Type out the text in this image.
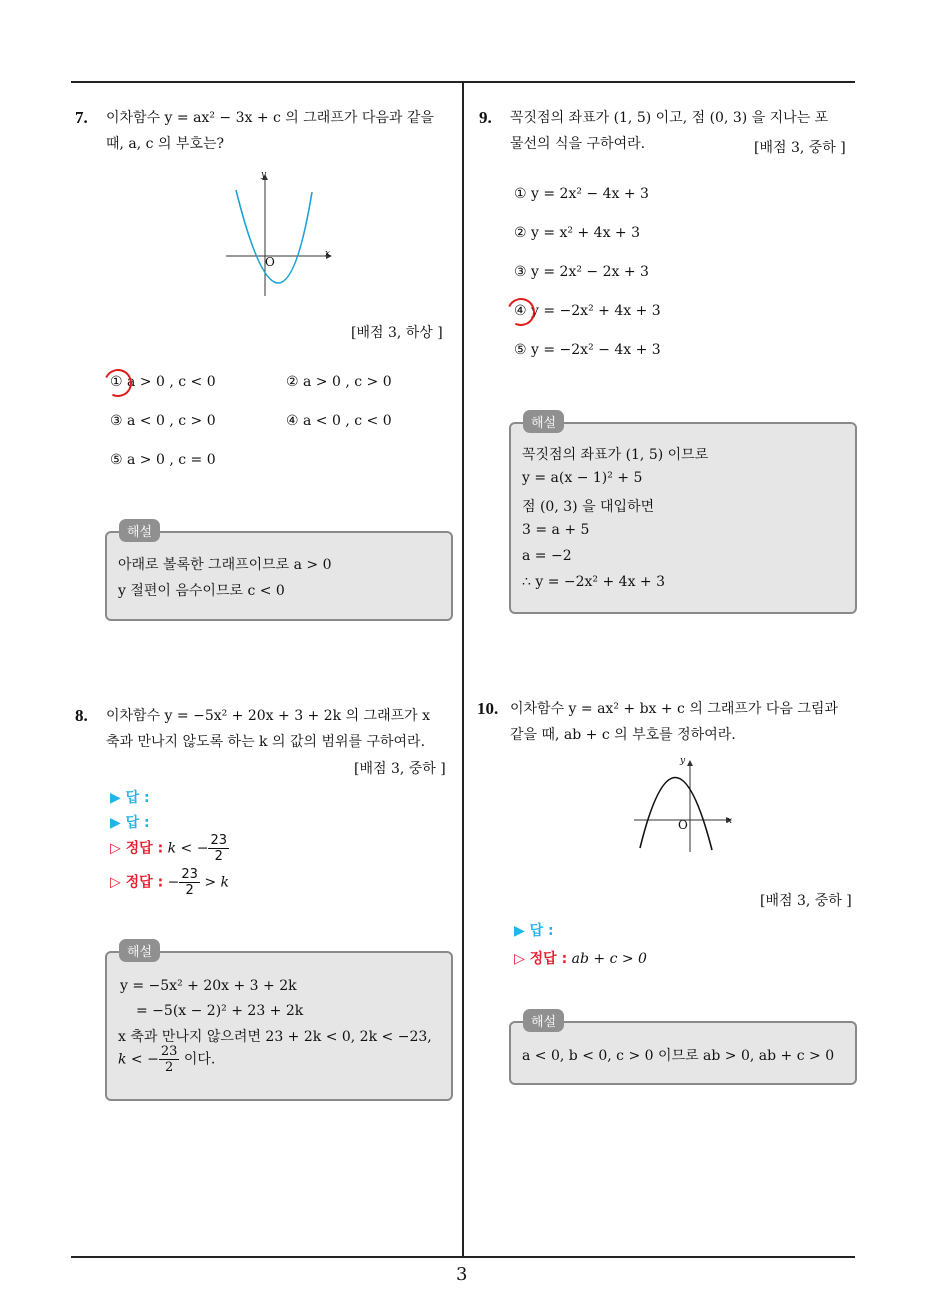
3
7. 이차함수 y = ax² − 3x + c 의 그래프가 다음과 같을
때, a, c 의 부호는?
y
x
O
[배점 3, 하상 ]
① a > 0 , c < 0	② a > 0 , c > 0
③ a < 0 , c > 0	④ a < 0 , c < 0
⑤ a > 0 , c = 0
해설
아래로 볼록한 그래프이므로 a > 0
y 절편이 음수이므로 c < 0
8. 이차함수 y = −5x² + 20x + 3 + 2k 의 그래프가 x
축과 만나지 않도록 하는 k 의 값의 범위를 구하여라.
[배점 3, 중하 ]
▶ 답 :
▶ 답 :
▷ 정답 : k < − $\frac{23}{2}$
▷ 정답 : − $\frac{23}{2} > k$
해설
y = −5x² + 20x + 3 + 2k
= −5(x − 2)² + 23 + 2k
x 축과 만나지 않으려면 23 + 2k < 0, 2k < −23,
k < − $\frac{23}{2}$ 이다.
9. 꼭짓점의 좌표가 (1, 5) 이고, 점 (0, 3) 을 지나는 포
물선의 식을 구하여라.	[배점 3, 중하 ]
① y = 2x² − 4x + 3
② y = x² + 4x + 3
③ y = 2x² − 2x + 3
④ y = −2x² + 4x + 3
⑤ y = −2x² − 4x + 3
해설
꼭짓점의 좌표가 (1, 5) 이므로
y = a(x − 1)² + 5
점 (0, 3) 을 대입하면
3 = a + 5
a = −2
∴ y = −2x² + 4x + 3
10. 이차함수 y = ax² + bx + c 의 그래프가 다음 그림과
같을 때, ab + c 의 부호를 정하여라.
y
x
O
[배점 3, 중하 ]
▶ 답 :
▷ 정답 : ab + c > 0
해설
a < 0, b < 0, c > 0 이므로 ab > 0, ab + c > 0
